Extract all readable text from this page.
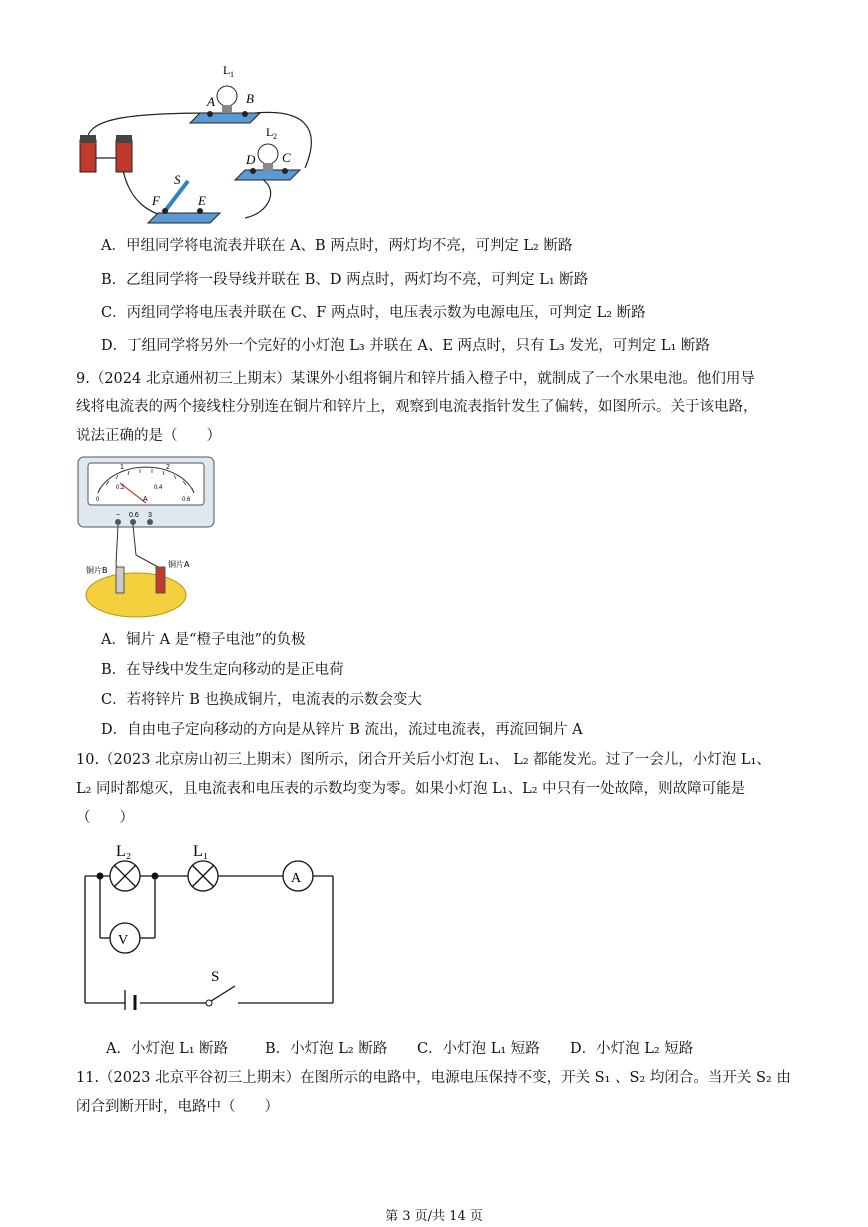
L 1
A B
L 2
D C
S
F	E
A．甲组同学将电流表并联在 A、B 两点时，两灯均不亮，可判定 L₂ 断路
B．乙组同学将一段导线并联在 B、D 两点时，两灯均不亮，可判定 L₁ 断路
C．丙组同学将电压表并联在 C、F 两点时，电压表示数为电源电压，可判定 L₂ 断路
D．丁组同学将另外一个完好的小灯泡 L₃ 并联在 A、E 两点时，只有 L₃ 发光，可判定 L₁ 断路
9.（2024 北京通州初三上期末）某课外小组将铜片和锌片插入橙子中，就制成了一个水果电池。他们用导
线将电流表的两个接线柱分别连在铜片和锌片上，观察到电流表指针发生了偏转，如图所示。关于该电路，
说法正确的是（　　）
1	2
0
0.2	0.4
0.6
A
− 0.6 3
铜片B
铜片A
A．铜片 A 是“橙子电池”的负极
B．在导线中发生定向移动的是正电荷
C．若将锌片 B 也换成铜片，电流表的示数会变大
D．自由电子定向移动的方向是从锌片 B 流出，流过电流表，再流回铜片 A
10.（2023 北京房山初三上期末）图所示，闭合开关后小灯泡 L₁、 L₂ 都能发光。过了一会儿，小灯泡 L₁、
L₂ 同时都熄灭，且电流表和电压表的示数均变为零。如果小灯泡 L₁、L₂ 中只有一处故障，则故障可能是
（　　）
L₂	L₁
A
V
S
A．小灯泡 L₁ 断路	B．小灯泡 L₂ 断路 C．小灯泡 L₁ 短路 D．小灯泡 L₂ 短路
11.（2023 北京平谷初三上期末）在图所示的电路中，电源电压保持不变，开关 S₁ 、S₂ 均闭合。当开关 S₂ 由
闭合到断开时，电路中（　　）
第 3 页/共 14 页
